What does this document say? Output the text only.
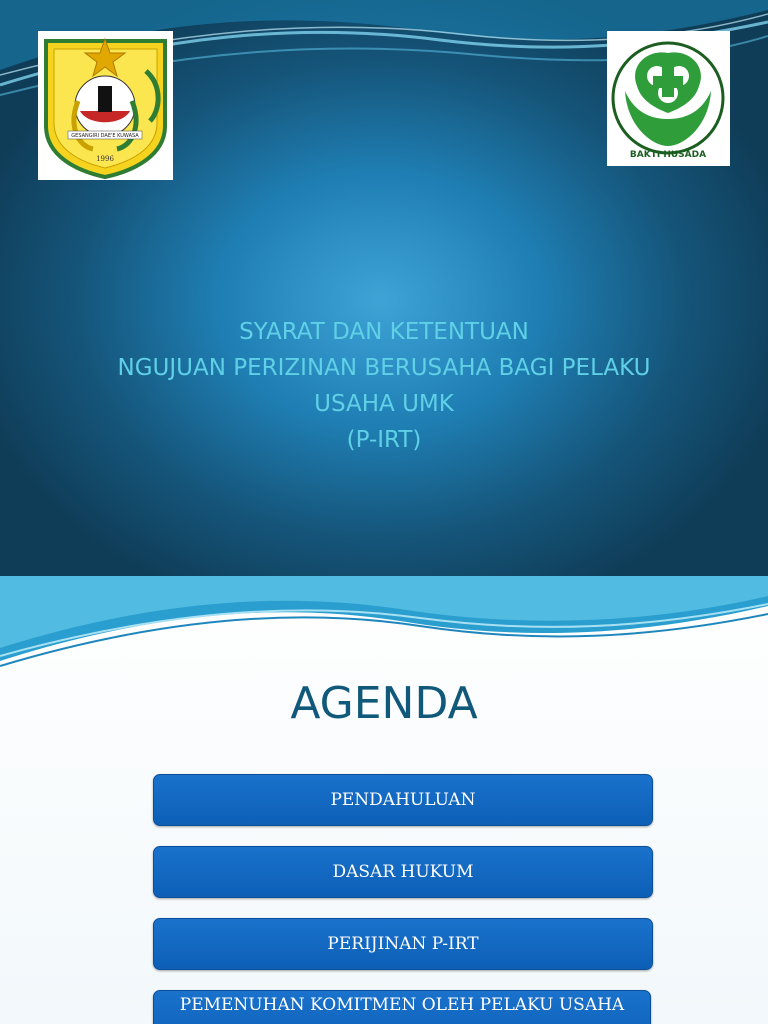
GESANGIRI DAE'E KUWASA
1996	BAKTI HUSADA
SYARAT DAN KETENTUAN
NGUJUAN PERIZINAN BERUSAHA BAGI PELAKU
USAHA UMK
(P-IRT)
AGENDA
PENDAHULUAN
DASAR HUKUM
PERIJINAN P-IRT
PEMENUHAN KOMITMEN OLEH PELAKU USAHA
